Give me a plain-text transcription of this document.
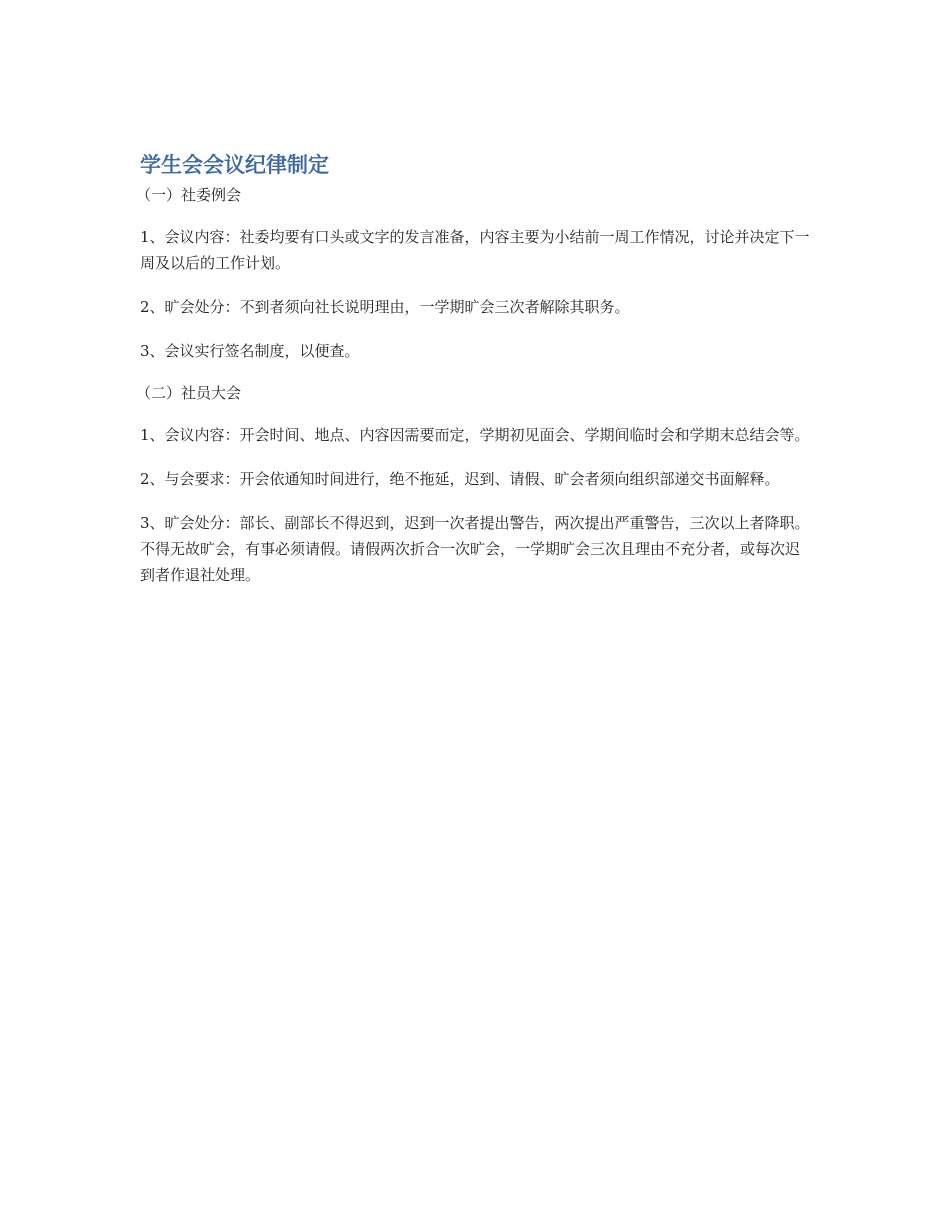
学生会会议纪律制定

（一）社委例会

1、会议内容：社委均要有口头或文字的发言准备，内容主要为小结前一周工作情况，讨论并决定下一周及以后的工作计划。

2、旷会处分：不到者须向社长说明理由，一学期旷会三次者解除其职务。

3、会议实行签名制度，以便查。

（二）社员大会

1、会议内容：开会时间、地点、内容因需要而定，学期初见面会、学期间临时会和学期末总结会等。

2、与会要求：开会依通知时间进行，绝不拖延，迟到、请假、旷会者须向组织部递交书面解释。

3、旷会处分：部长、副部长不得迟到，迟到一次者提出警告，两次提出严重警告，三次以上者降职。不得无故旷会，有事必须请假。请假两次折合一次旷会，一学期旷会三次且理由不充分者，或每次迟到者作退社处理。
